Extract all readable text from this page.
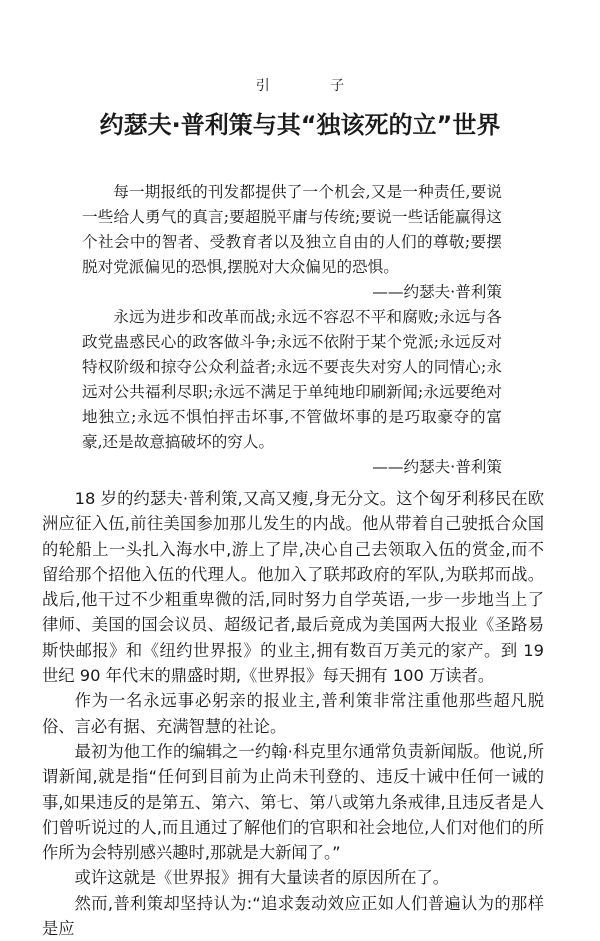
引 子
约瑟夫·普利策与其“独该死的立”世界

每一期报纸的刊发都提供了一个机会,又是一种责任,要说一些给人勇气的真言;要超脱平庸与传统;要说一些话能赢得这个社会中的智者、受教育者以及独立自由的人们的尊敬;要摆脱对党派偏见的恐惧,摆脱对大众偏见的恐惧。

——约瑟夫·普利策

永远为进步和改革而战;永远不容忍不平和腐败;永远与各政党蛊惑民心的政客做斗争;永远不依附于某个党派;永远反对特权阶级和掠夺公众利益者;永远不要丧失对穷人的同情心;永远对公共福利尽职;永远不满足于单纯地印刷新闻;永远要绝对地独立;永远不惧怕抨击坏事,不管做坏事的是巧取豪夺的富豪,还是故意搞破坏的穷人。

——约瑟夫·普利策

18 岁的约瑟夫·普利策,又高又瘦,身无分文。这个匈牙利移民在欧洲应征入伍,前往美国参加那儿发生的内战。他从带着自己驶抵合众国的轮船上一头扎入海水中,游上了岸,决心自己去领取入伍的赏金,而不留给那个招他入伍的代理人。他加入了联邦政府的军队,为联邦而战。战后,他干过不少粗重卑微的活,同时努力自学英语,一步一步地当上了律师、美国的国会议员、超级记者,最后竟成为美国两大报业《圣路易斯快邮报》和《纽约世界报》的业主,拥有数百万美元的家产。到 19 世纪 90 年代末的鼎盛时期,《世界报》每天拥有 100 万读者。

作为一名永远事必躬亲的报业主,普利策非常注重他那些超凡脱俗、言必有据、充满智慧的社论。

最初为他工作的编辑之一约翰·科克里尔通常负责新闻版。他说,所谓新闻,就是指“任何到目前为止尚未刊登的、违反十诫中任何一诫的事,如果违反的是第五、第六、第七、第八或第九条戒律,且违反者是人们曾听说过的人,而且通过了解他们的官职和社会地位,人们对他们的所作所为会特别感兴趣时,那就是大新闻了。”

或许这就是《世界报》拥有大量读者的原因所在了。

然而,普利策却坚持认为:“追求轰动效应正如人们普遍认为的那样是应
